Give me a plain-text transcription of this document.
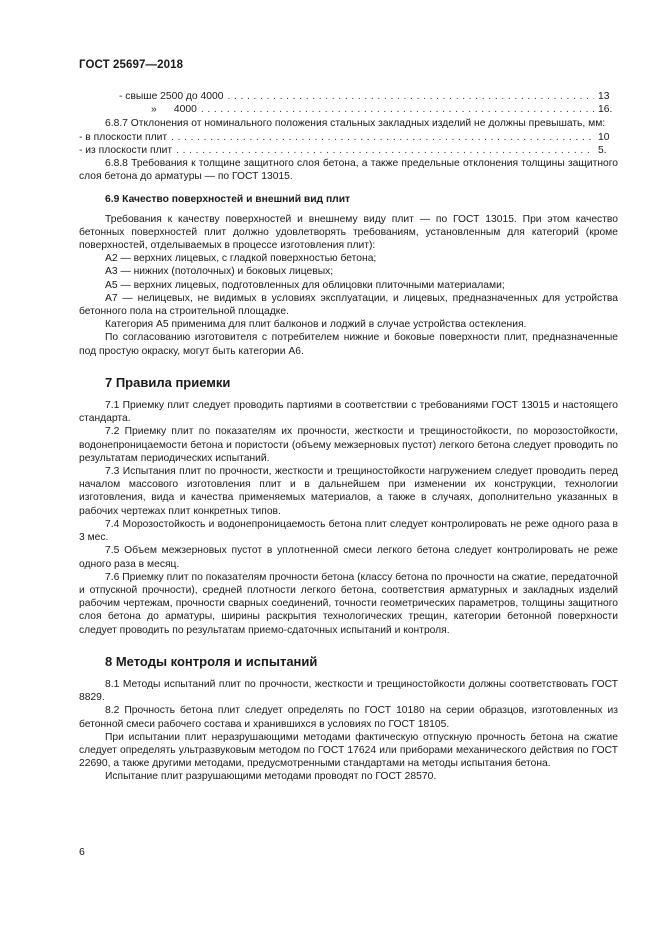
ГОСТ 25697—2018
- свыше 2500 до 4000 . . .	13
»      4000 . . .	16.

6.8.7 Отклонения от номинального положения стальных закладных изделий не должны превышать, мм:

- в плоскости плит . . .	10
- из плоскости плит . . .	5.

6.8.8 Требования к толщине защитного слоя бетона, а также предельные отклонения толщины защитного слоя бетона до арматуры — по ГОСТ 13015.

6.9 Качество поверхностей и внешний вид плит

Требования к качеству поверхностей и внешнему виду плит — по ГОСТ 13015. При этом качество бетонных поверхностей плит должно удовлетворять требованиям, установленным для категорий (кроме поверхностей, отделываемых в процессе изготовления плит):

А2 — верхних лицевых, с гладкой поверхностью бетона;

А3 — нижних (потолочных) и боковых лицевых;

А5 — верхних лицевых, подготовленных для облицовки плиточными материалами;

А7 — нелицевых, не видимых в условиях эксплуатации, и лицевых, предназначенных для устройства бетонного пола на строительной площадке.

Категория А5 применима для плит балконов и лоджий в случае устройства остекления.

По согласованию изготовителя с потребителем нижние и боковые поверхности плит, предназначенные под простую окраску, могут быть категории А6.

7 Правила приемки

7.1 Приемку плит следует проводить партиями в соответствии с требованиями ГОСТ 13015 и настоящего стандарта.

7.2 Приемку плит по показателям их прочности, жесткости и трещиностойкости, по морозостойкости, водонепроницаемости бетона и пористости (объему межзерновых пустот) легкого бетона следует проводить по результатам периодических испытаний.

7.3 Испытания плит по прочности, жесткости и трещиностойкости нагружением следует проводить перед началом массового изготовления плит и в дальнейшем при изменении их конструкции, технологии изготовления, вида и качества применяемых материалов, а также в случаях, дополнительно указанных в рабочих чертежах плит конкретных типов.

7.4 Морозостойкость и водонепроницаемость бетона плит следует контролировать не реже одного раза в 3 мес.

7.5 Объем межзерновых пустот в уплотненной смеси легкого бетона следует контролировать не реже одного раза в месяц.

7.6 Приемку плит по показателям прочности бетона (классу бетона по прочности на сжатие, передаточной и отпускной прочности), средней плотности легкого бетона, соответствия арматурных и закладных изделий рабочим чертежам, прочности сварных соединений, точности геометрических параметров, толщины защитного слоя бетона до арматуры, ширины раскрытия технологических трещин, категории бетонной поверхности следует проводить по результатам приемо-сдаточных испытаний и контроля.

8 Методы контроля и испытаний

8.1 Методы испытаний плит по прочности, жесткости и трещиностойкости должны соответствовать ГОСТ 8829.

8.2 Прочность бетона плит следует определять по ГОСТ 10180 на серии образцов, изготовленных из бетонной смеси рабочего состава и хранившихся в условиях по ГОСТ 18105.

При испытании плит неразрушающими методами фактическую отпускную прочность бетона на сжатие следует определять ультразвуковым методом по ГОСТ 17624 или приборами механического действия по ГОСТ 22690, а также другими методами, предусмотренными стандартами на методы испытания бетона.

Испытание плит разрушающими методами проводят по ГОСТ 28570.

6
